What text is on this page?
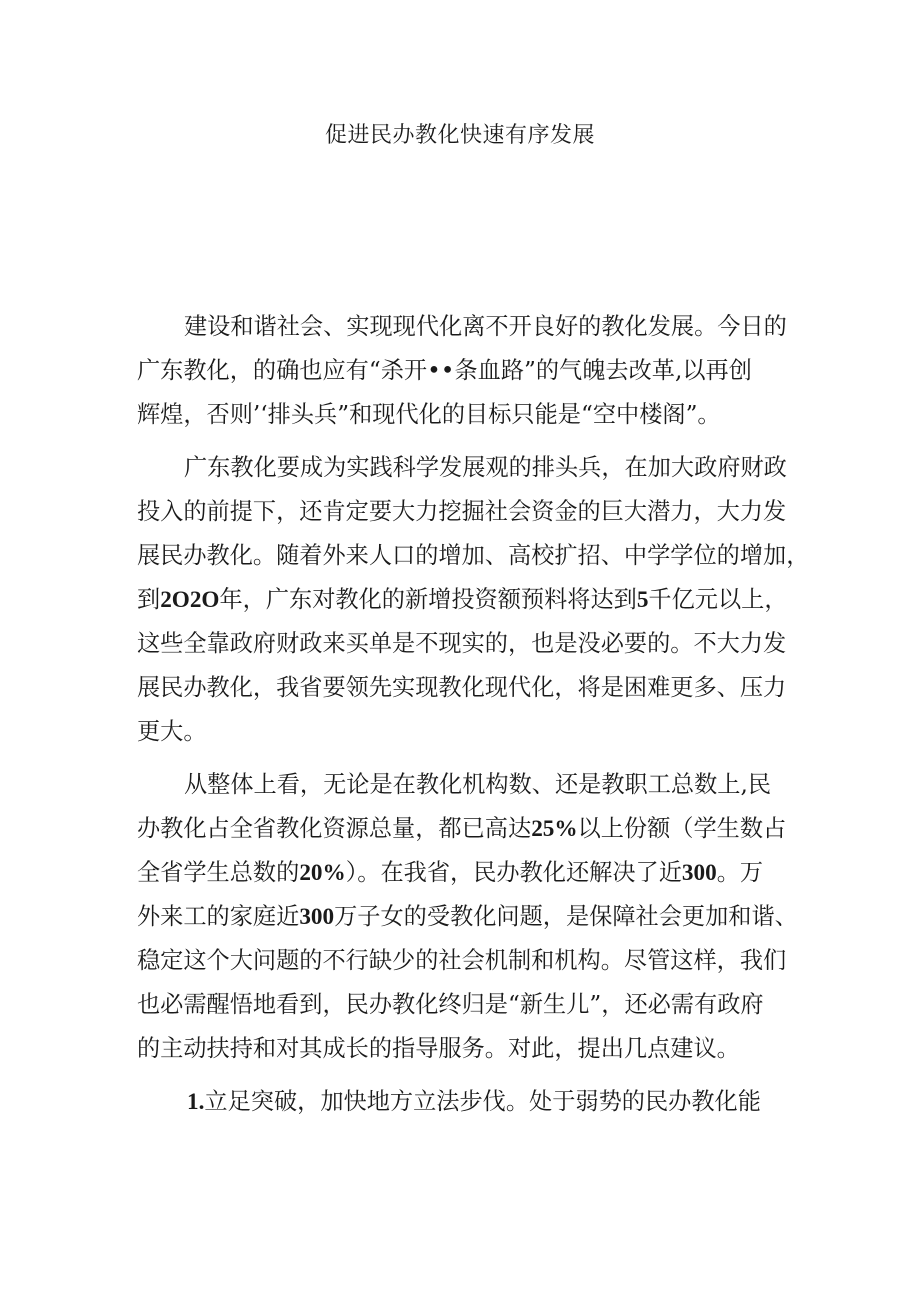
促进民办教化快速有序发展
建设和谐社会、实现现代化离不开良好的教化发展。今日的
广东教化，的确也应有“杀开••条血路”的气魄去改革,以再创
辉煌，否则’‘排头兵”和现代化的目标只能是“空中楼阁”。
广东教化要成为实践科学发展观的排头兵，在加大政府财政
投入的前提下，还肯定要大力挖掘社会资金的巨大潜力，大力发
展民办教化。随着外来人口的增加、高校扩招、中学学位的增加，
到2O2O年，广东对教化的新增投资额预料将达到5千亿元以上，
这些全靠政府财政来买单是不现实的，也是没必要的。不大力发
展民办教化，我省要领先实现教化现代化，将是困难更多、压力
更大。
从整体上看，无论是在教化机构数、还是教职工总数上,民
办教化占全省教化资源总量，都已高达25%以上份额（学生数占
全省学生总数的20%）。在我省，民办教化还解决了近300。万
外来工的家庭近300万子女的受教化问题，是保障社会更加和谐、
稳定这个大问题的不行缺少的社会机制和机构。尽管这样，我们
也必需醒悟地看到，民办教化终归是“新生儿”，还必需有政府
的主动扶持和对其成长的指导服务。对此，提出几点建议。
1.立足突破，加快地方立法步伐。处于弱势的民办教化能
